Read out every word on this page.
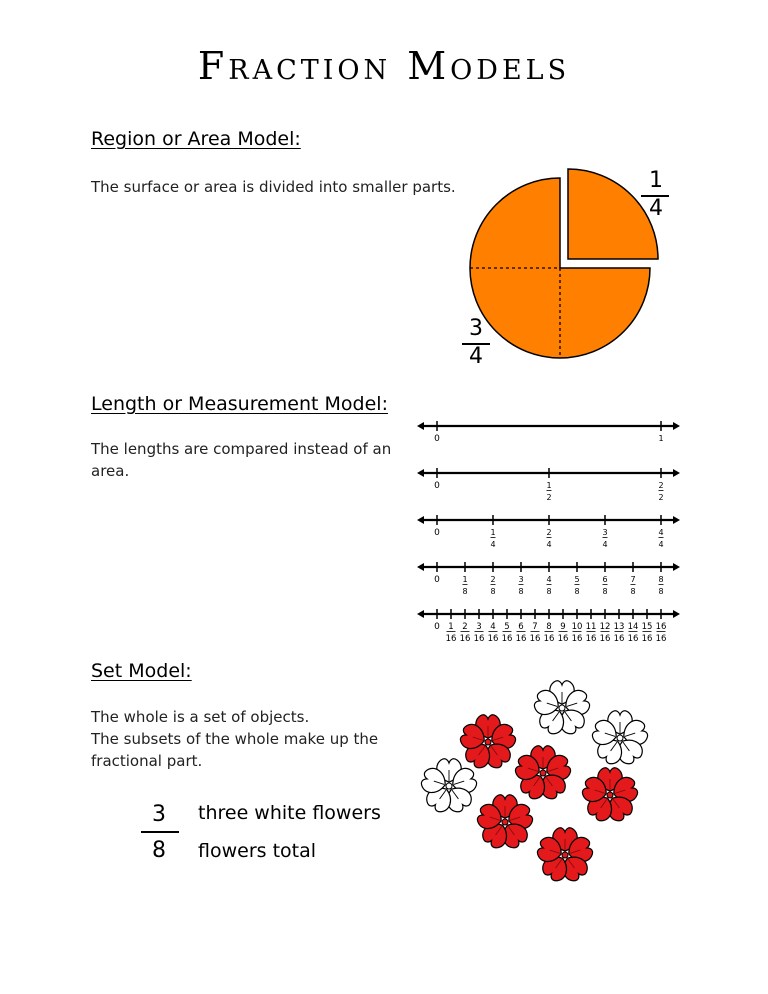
Fraction Models
Region or Area Model:
The surface or area is divided into smaller parts.	1
4
3
4
Length or Measurement Model:
The lengths are compared instead of an area.
0	1
0	1
2
2
2
0	1
4
2
4
3
4
4
4
0	1
8
2
8
3
8
4
8
5
8
6
8
7
8
8
8
0 1
16
2
16
3
16
4
16
5
16
6
16
7
16
8
16
9
16
10
16
11
16
12
16
13
16
14
16
15
16
16
16
Set Model:
The whole is a set of objects.
The subsets of the whole make up the fractional part.
3
8
three white flowers
flowers total
